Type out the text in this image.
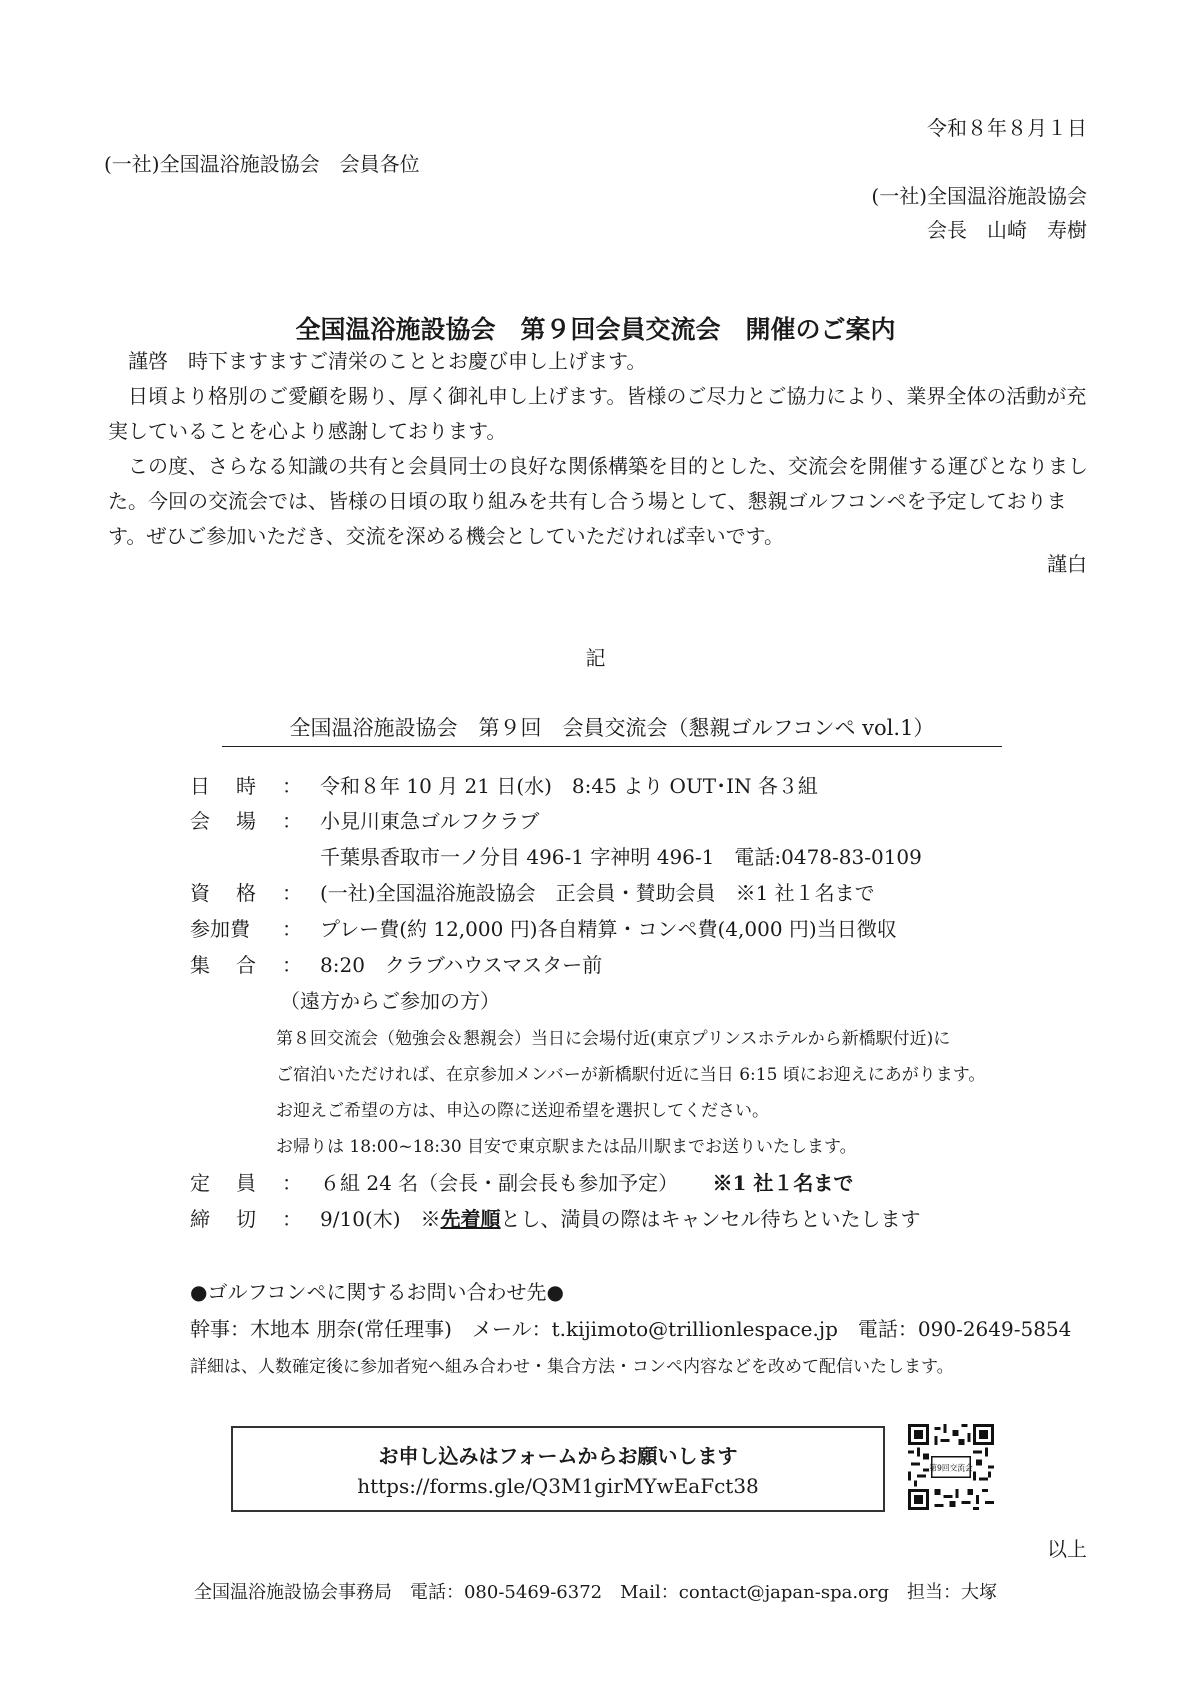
令和８年８月１日
(一社)全国温浴施設協会　会員各位
(一社)全国温浴施設協会
会長　山崎　寿樹
全国温浴施設協会　第９回会員交流会　開催のご案内

謹啓　時下ますますご清栄のこととお慶び申し上げます。

日頃より格別のご愛顧を賜り、厚く御礼申し上げます。皆様のご尽力とご協力により、業界全体の活動が充実していることを心より感謝しております。

この度、さらなる知識の共有と会員同士の良好な関係構築を目的とした、交流会を開催する運びとなりました。今回の交流会では、皆様の日頃の取り組みを共有し合う場として、懇親ゴルフコンペを予定しております。ぜひご参加いただき、交流を深める機会としていただければ幸いです。

謹白
記
全国温浴施設協会　第９回　会員交流会（懇親ゴルフコンペ vol.1）
日時 ： 令和８年 10 月 21 日(水)　8:45 より OUT･IN 各３組
会場 ： 小見川東急ゴルフクラブ
千葉県香取市一ノ分目 496-1 字神明 496-1　電話:0478-83-0109
資格 ： (一社)全国温浴施設協会　正会員・賛助会員　※1 社１名まで
参加費	： プレー費(約 12,000 円)各自精算・コンペ費(4,000 円)当日徴収
集合 ： 8:20　クラブハウスマスター前
（遠方からご参加の方）
第８回交流会（勉強会＆懇親会）当日に会場付近(東京プリンスホテルから新橋駅付近)に
ご宿泊いただければ、在京参加メンバーが新橋駅付近に当日 6:15 頃にお迎えにあがります。
お迎えご希望の方は、申込の際に送迎希望を選択してください。
お帰りは 18:00~18:30 目安で東京駅または品川駅までお送りいたします。
定員 ： ６組 24 名（会長・副会長も参加予定） ※1 社１名まで
締切 ： 9/10(木)　※先着順とし、満員の際はキャンセル待ちといたします
●ゴルフコンペに関するお問い合わせ先●
幹事：木地本 朋奈(常任理事)　メール：t.kijimoto@trillionlespace.jp　電話：090-2649-5854
詳細は、人数確定後に参加者宛へ組み合わせ・集合方法・コンペ内容などを改めて配信いたします。
お申し込みはフォームからお願いします
https://forms.gle/Q3M1girMYwEaFct38
第9回交流会
以上
全国温浴施設協会事務局　電話：080-5469-6372　Mail：contact@japan-spa.org　担当：大塚
